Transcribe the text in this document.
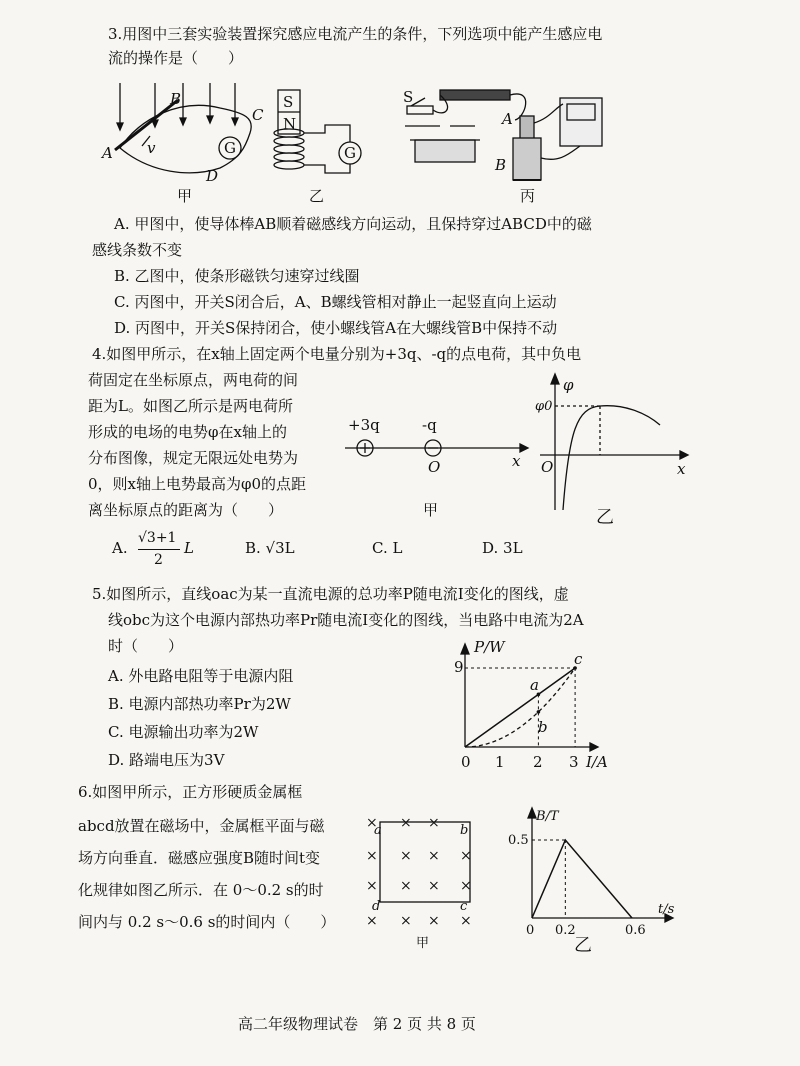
3.用图中三套实验装置探究感应电流产生的条件，下列选项中能产生感应电
流的操作是（　　）
A
B
C
D
v	G
甲
S
N
G
乙
S
A
B
丙
A. 甲图中，使导体棒AB顺着磁感线方向运动，且保持穿过ABCD中的磁
感线条数不变
B. 乙图中，使条形磁铁匀速穿过线圈
C. 丙图中，开关S闭合后，A、B螺线管相对静止一起竖直向上运动
D. 丙图中，开关S保持闭合，使小螺线管A在大螺线管B中保持不动
4.如图甲所示，在x轴上固定两个电量分别为+3q、-q的点电荷，其中负电
荷固定在坐标原点，两电荷的间
距为L。如图乙所示是两电荷所
形成的电场的电势φ在x轴上的
分布图像，规定无限远处电势为
0，则x轴上电势最高为φ0的点距
离坐标原点的距离为（　　）
+3q	-q
O	x
甲
φ
φ0
O	x
乙
A.
√3+1
2
L	B. √3L	C. L	D. 3L
5.如图所示，直线oac为某一直流电源的总功率P随电流I变化的图线，虚
线obc为这个电源内部热功率Pr随电流I变化的图线，当电路中电流为2A
时（　　）
A. 外电路电阻等于电源内阻
B. 电源内部热功率Pr为2W
C. 电源输出功率为2W
D. 路端电压为3V
P/W
I/A
9
a
b
c
0 1 2 3
6.如图甲所示，正方形硬质金属框
abcd放置在磁场中，金属框平面与磁
场方向垂直．磁感应强度B随时间t变
化规律如图乙所示．在 0～0.2 s的时
间内与 0.2 s～0.6 s的时间内（　　）
× × ×
× × × ×
× × × ×
× × × ×
a	b
c
d
甲
B/T
t/s
0.5
0 0.2	0.6
乙
高二年级物理试卷　第 2 页 共 8 页
